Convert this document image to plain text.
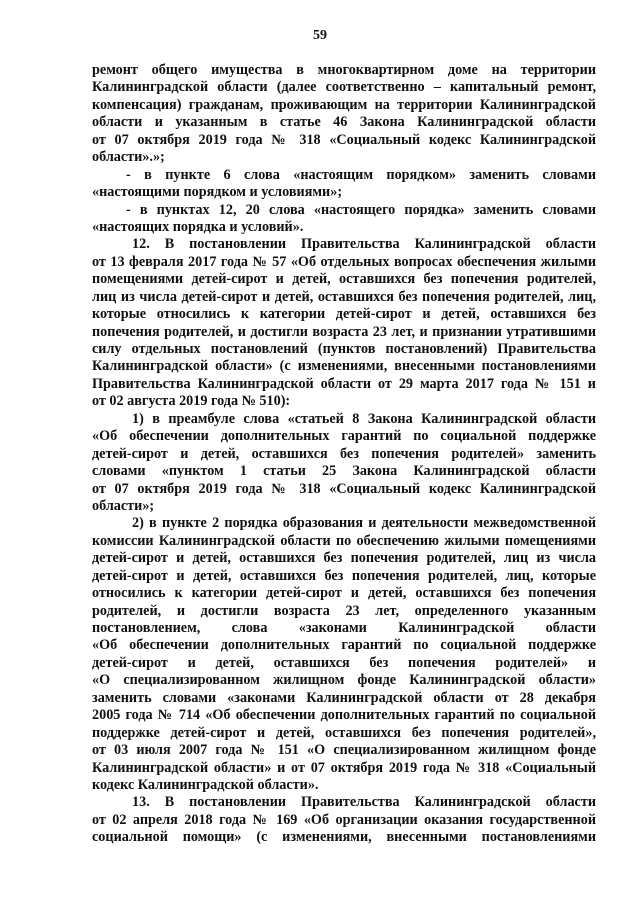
59
ремонт общего имущества в многоквартирном доме на территории
Калининградской области (далее соответственно – капитальный ремонт,
компенсация) гражданам, проживающим на территории Калининградской
области и указанным в статье 46 Закона Калининградской области
от 07 октября 2019 года № 318 «Социальный кодекс Калининградской
области».»;
- в пункте 6 слова «настоящим порядком» заменить словами
«настоящими порядком и условиями»;
- в пунктах 12, 20 слова «настоящего порядка» заменить словами
«настоящих порядка и условий».
12. В постановлении Правительства Калининградской области
от 13 февраля 2017 года № 57 «Об отдельных вопросах обеспечения жилыми
помещениями детей-сирот и детей, оставшихся без попечения родителей,
лиц из числа детей-сирот и детей, оставшихся без попечения родителей, лиц,
которые относились к категории детей-сирот и детей, оставшихся без
попечения родителей, и достигли возраста 23 лет, и признании утратившими
силу отдельных постановлений (пунктов постановлений) Правительства
Калининградской области» (с изменениями, внесенными постановлениями
Правительства Калининградской области от 29 марта 2017 года № 151 и
от 02 августа 2019 года № 510):
1) в преамбуле слова «статьей 8 Закона Калининградской области
«Об обеспечении дополнительных гарантий по социальной поддержке
детей-сирот и детей, оставшихся без попечения родителей» заменить
словами «пунктом 1 статьи 25 Закона Калининградской области
от 07 октября 2019 года № 318 «Социальный кодекс Калининградской
области»;
2) в пункте 2 порядка образования и деятельности межведомственной
комиссии Калининградской области по обеспечению жилыми помещениями
детей-сирот и детей, оставшихся без попечения родителей, лиц из числа
детей-сирот и детей, оставшихся без попечения родителей, лиц, которые
относились к категории детей-сирот и детей, оставшихся без попечения
родителей, и достигли возраста 23 лет, определенного указанным
постановлением, слова «законами Калининградской области
«Об обеспечении дополнительных гарантий по социальной поддержке
детей-сирот и детей, оставшихся без попечения родителей» и
«О специализированном жилищном фонде Калининградской области»
заменить словами «законами Калининградской области от 28 декабря
2005 года № 714 «Об обеспечении дополнительных гарантий по социальной
поддержке детей-сирот и детей, оставшихся без попечения родителей»,
от 03 июля 2007 года № 151 «О специализированном жилищном фонде
Калининградской области» и от 07 октября 2019 года № 318 «Социальный
кодекс Калининградской области».
13. В постановлении Правительства Калининградской области
от 02 апреля 2018 года № 169 «Об организации оказания государственной
социальной помощи» (с изменениями, внесенными постановлениями
